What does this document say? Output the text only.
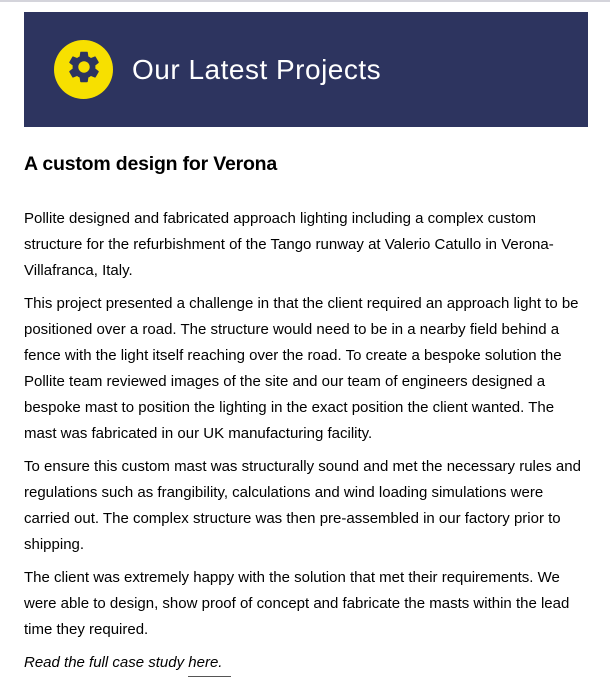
Our Latest Projects
A custom design for Verona

Pollite designed and fabricated approach lighting including a complex custom structure for the refurbishment of the Tango runway at Valerio Catullo in Verona-Villafranca, Italy.

This project presented a challenge in that the client required an approach light to be positioned over a road. The structure would need to be in a nearby field behind a fence with the light itself reaching over the road. To create a bespoke solution the Pollite team reviewed images of the site and our team of engineers designed a bespoke mast to position the lighting in the exact position the client wanted. The mast was fabricated in our UK manufacturing facility.

To ensure this custom mast was structurally sound and met the necessary rules and regulations such as frangibility, calculations and wind loading simulations were carried out. The complex structure was then pre-assembled in our factory prior to shipping.

The client was extremely happy with the solution that met their requirements. We were able to design, show proof of concept and fabricate the masts within the lead time they required.

Read the full case study here.
